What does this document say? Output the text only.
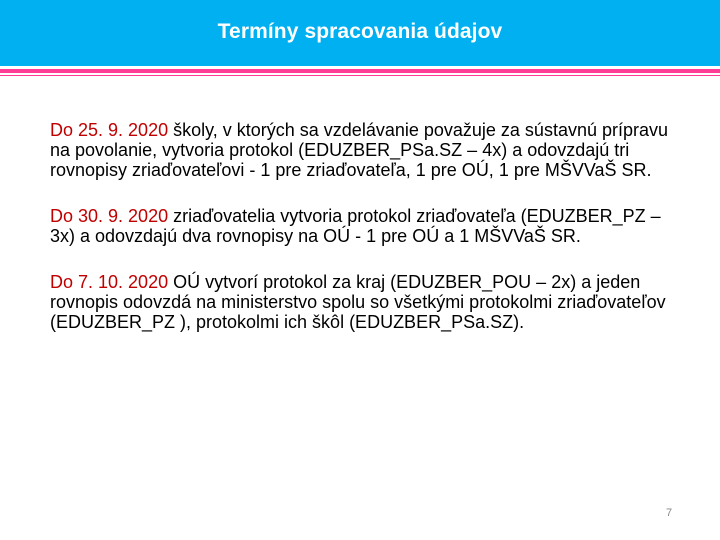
Termíny spracovania údajov

Do 25. 9. 2020 školy, v ktorých sa vzdelávanie považuje za sústavnú prípravu na povolanie, vytvoria protokol (EDUZBER_PSa.SZ – 4x) a odovzdajú tri rovnopisy zriaďovateľovi - 1 pre zriaďovateľa, 1 pre OÚ, 1 pre MŠVVaŠ SR.

Do 30. 9. 2020 zriaďovatelia vytvoria protokol zriaďovateľa (EDUZBER_PZ – 3x) a odovzdajú dva rovnopisy na OÚ - 1 pre OÚ a 1 MŠVVaŠ SR.

Do 7. 10. 2020 OÚ vytvorí protokol za kraj (EDUZBER_POU – 2x) a jeden rovnopis odovzdá na ministerstvo spolu so všetkými protokolmi zriaďovateľov (EDUZBER_PZ ), protokolmi ich škôl (EDUZBER_PSa.SZ).

7
